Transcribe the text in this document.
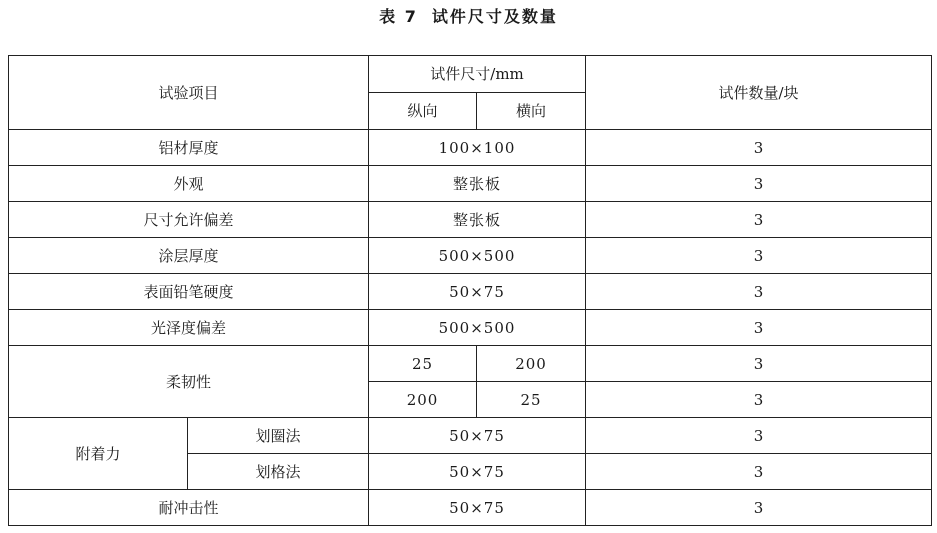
表 7 试件尺寸及数量
试验项目		试件尺寸/mm		试件数量/块
		纵向	横向	
铝材厚度		100×100		3
外观		整张板		3
尺寸允许偏差		整张板		3
涂层厚度		500×500		3
表面铅笔硬度		50×75		3
光泽度偏差		500×500		3
柔韧性		25	200	3
		200	25	3
附着力	划圈法	50×75		3
	划格法	50×75		3
耐冲击性		50×75		3
